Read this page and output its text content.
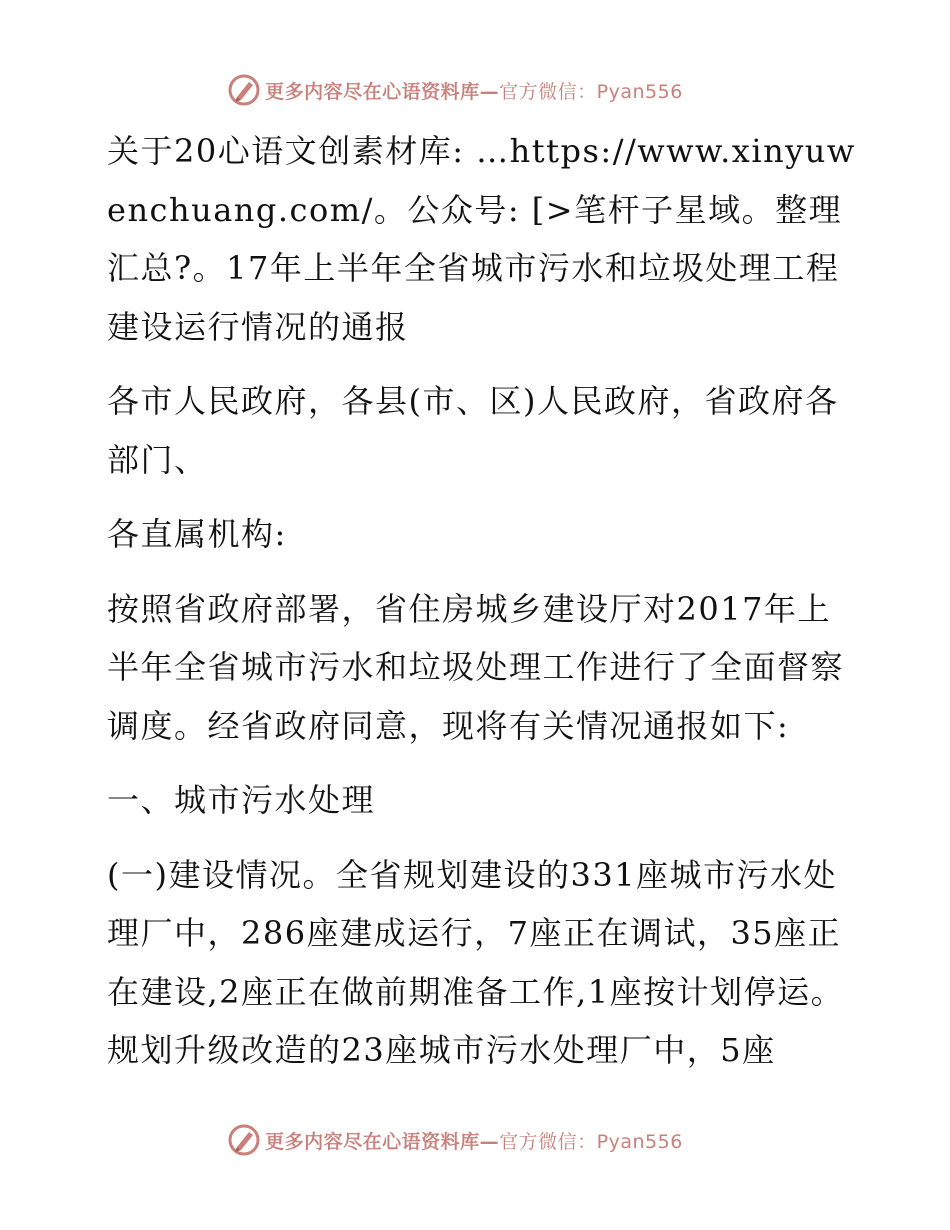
更多内容尽在心语资料库—官方微信：Pyan556

关于20心语文创素材库: …https://www.xinyuwenchuang.com/。公众号: [>笔杆子星域。整理汇总?。17年上半年全省城市污水和垃圾处理工程建设运行情况的通报

各市人民政府，各县(市、区)人民政府，省政府各部门、

各直属机构:

按照省政府部署，省住房城乡建设厅对2017年上半年全省城市污水和垃圾处理工作进行了全面督察调度。经省政府同意，现将有关情况通报如下:

一、城市污水处理

(一)建设情况。全省规划建设的331座城市污水处理厂中，286座建成运行，7座正在调试，35座正在建设,2座正在做前期准备工作,1座按计划停运。规划升级改造的23座城市污水处理厂中，5座

更多内容尽在心语资料库—官方微信：Pyan556
